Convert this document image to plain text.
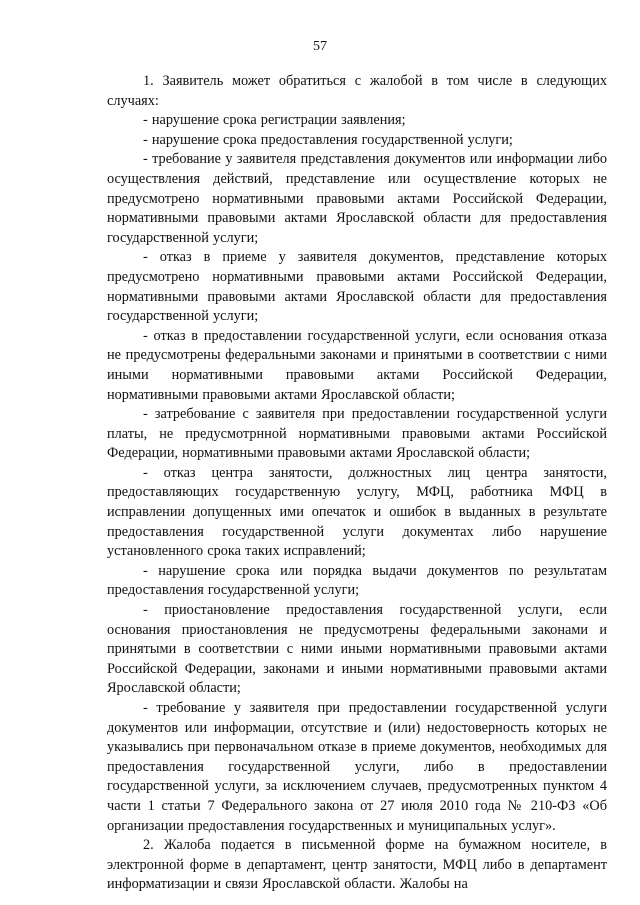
57

1. Заявитель может обратиться с жалобой в том числе в следующих случаях:

- нарушение срока регистрации заявления;

- нарушение срока предоставления государственной услуги;

- требование у заявителя представления документов или информации либо осуществления действий, представление или осуществление которых не предусмотрено нормативными правовыми актами Российской Федерации, нормативными правовыми актами Ярославской области для предоставления государственной услуги;

- отказ в приеме у заявителя документов, представление которых предусмотрено нормативными правовыми актами Российской Федерации, нормативными правовыми актами Ярославской области для предоставления государственной услуги;

- отказ в предоставлении государственной услуги, если основания отказа не предусмотрены федеральными законами и принятыми в соответствии с ними иными нормативными правовыми актами Российской Федерации, нормативными правовыми актами Ярославской области;

- затребование с заявителя при предоставлении государственной услуги платы, не предусмотрнной нормативными правовыми актами Российской Федерации, нормативными правовыми актами Ярославской области;

- отказ центра занятости, должностных лиц центра занятости, предоставляющих государственную услугу, МФЦ, работника МФЦ в исправлении допущенных ими опечаток и ошибок в выданных в результате предоставления государственной услуги документах либо нарушение установленного срока таких исправлений;

- нарушение срока или порядка выдачи документов по результатам предоставления государственной услуги;

- приостановление предоставления государственной услуги, если основания приостановления не предусмотрены федеральными законами и принятыми в соответствии с ними иными нормативными правовыми актами Российской Федерации, законами и иными нормативными правовыми актами Ярославской области;

- требование у заявителя при предоставлении государственной услуги документов или информации, отсутствие и (или) недостоверность которых не указывались при первоначальном отказе в приеме документов, необходимых для предоставления государственной услуги, либо в предоставлении государственной услуги, за исключением случаев, предусмотренных пунктом 4 части 1 статьи 7 Федерального закона от 27 июля 2010 года № 210-ФЗ «Об организации предоставления государственных и муниципальных услуг».

2. Жалоба подается в письменной форме на бумажном носителе, в электронной форме в департамент, центр занятости, МФЦ либо в департамент информатизации и связи Ярославской области. Жалобы на
